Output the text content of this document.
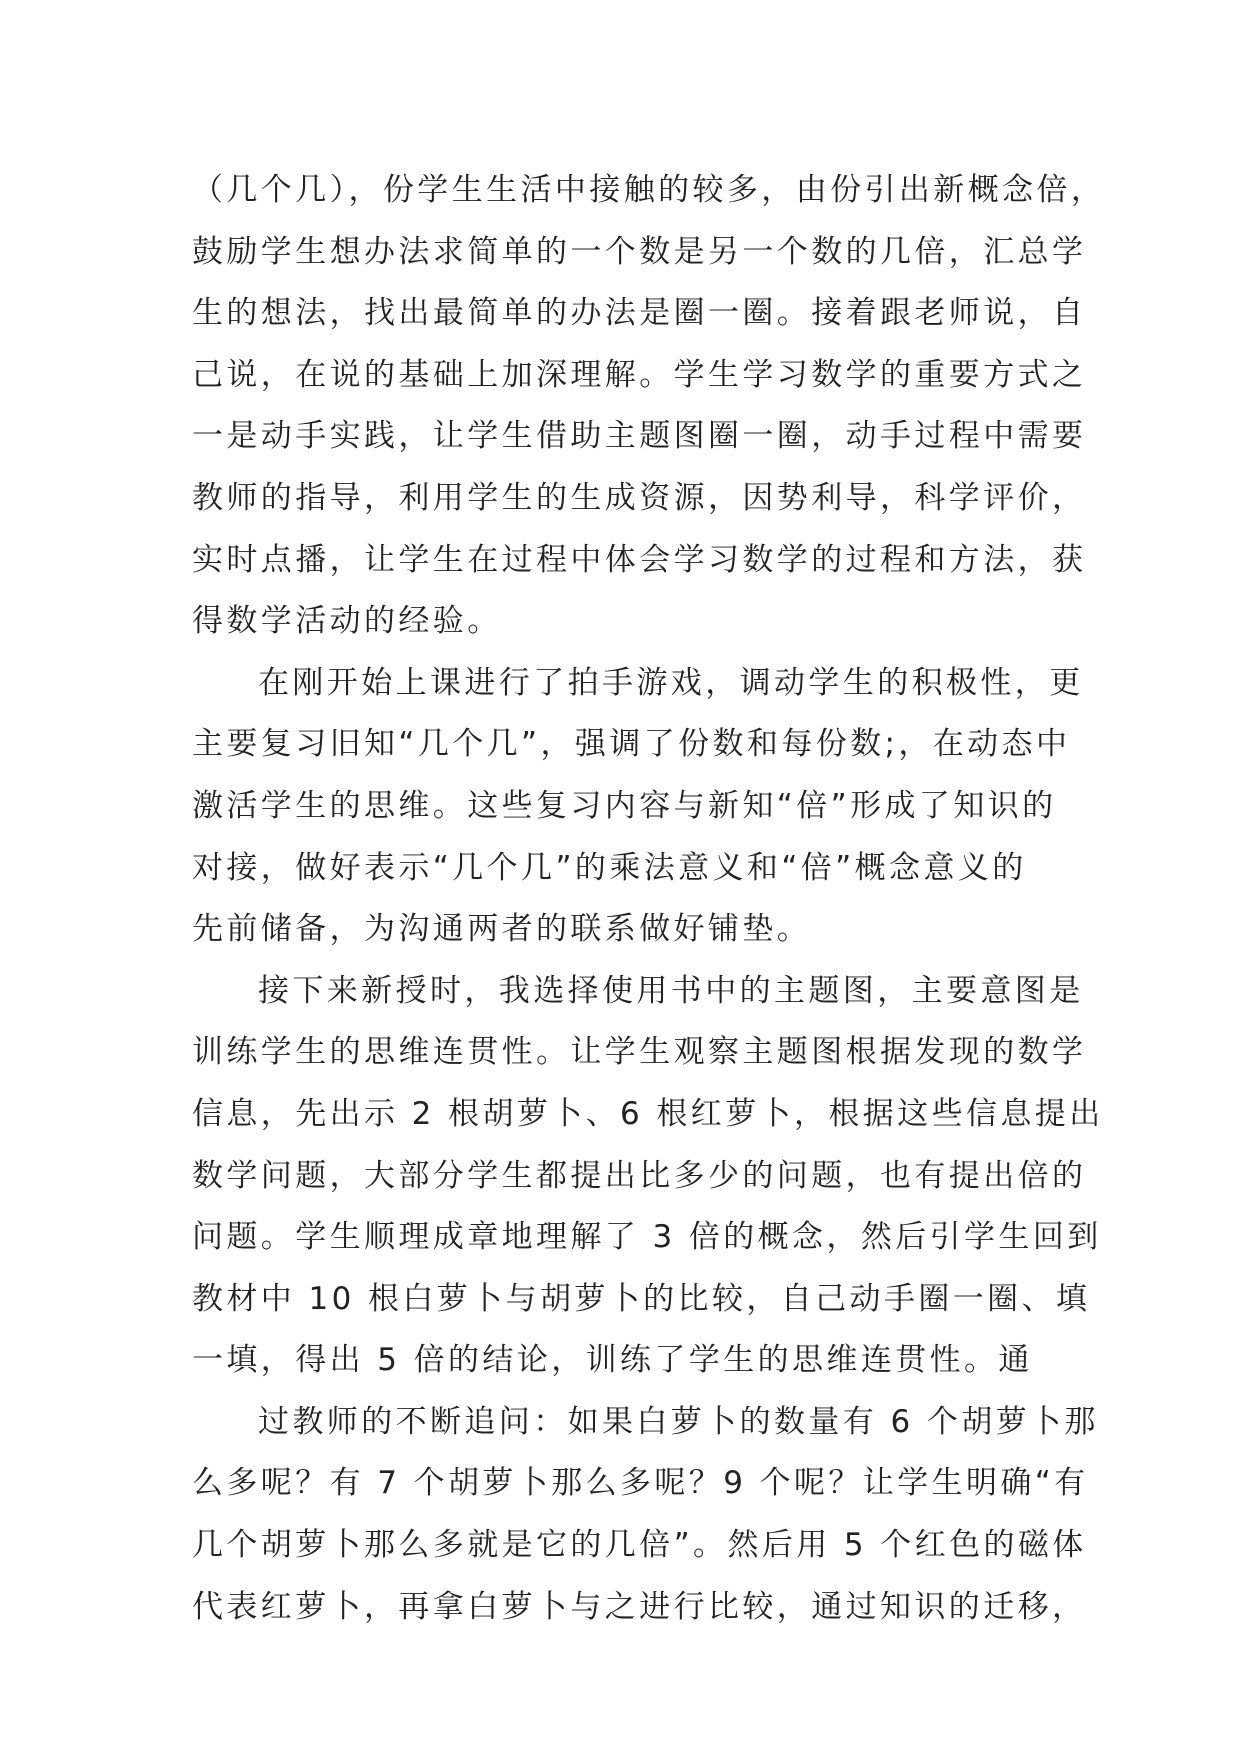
（几个几），份学生生活中接触的较多，由份引出新概念倍，
鼓励学生想办法求简单的一个数是另一个数的几倍，汇总学
生的想法，找出最简单的办法是圈一圈。接着跟老师说，自
己说，在说的基础上加深理解。学生学习数学的重要方式之
一是动手实践，让学生借助主题图圈一圈，动手过程中需要
教师的指导，利用学生的生成资源，因势利导，科学评价，
实时点播，让学生在过程中体会学习数学的过程和方法，获
得数学活动的经验。
在刚开始上课进行了拍手游戏，调动学生的积极性，更
主要复习旧知“几个几”，强调了份数和每份数;，在动态中
激活学生的思维。这些复习内容与新知“倍”形成了知识的
对接，做好表示“几个几”的乘法意义和“倍”概念意义的
先前储备，为沟通两者的联系做好铺垫。
接下来新授时，我选择使用书中的主题图，主要意图是
训练学生的思维连贯性。让学生观察主题图根据发现的数学
信息，先出示 2 根胡萝卜、6 根红萝卜，根据这些信息提出
数学问题，大部分学生都提出比多少的问题，也有提出倍的
问题。学生顺理成章地理解了 3 倍的概念，然后引学生回到
教材中 10 根白萝卜与胡萝卜的比较，自己动手圈一圈、填
一填，得出 5 倍的结论，训练了学生的思维连贯性。通
过教师的不断追问：如果白萝卜的数量有 6 个胡萝卜那
么多呢？有 7 个胡萝卜那么多呢？9 个呢？让学生明确“有
几个胡萝卜那么多就是它的几倍”。然后用 5 个红色的磁体
代表红萝卜，再拿白萝卜与之进行比较，通过知识的迁移，
